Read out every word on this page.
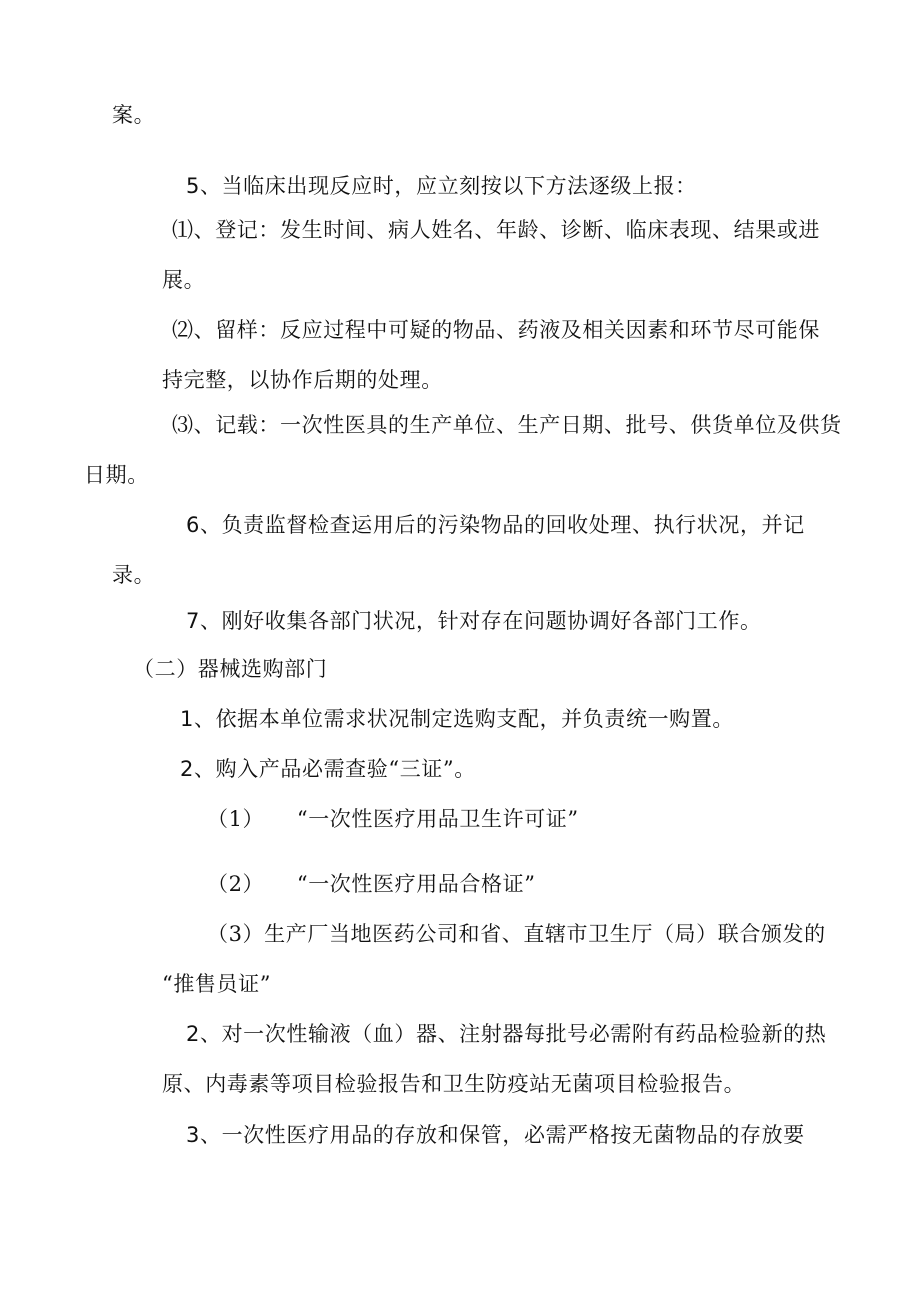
案。
5、当临床出现反应时，应立刻按以下方法逐级上报：
⑴、登记：发生时间、病人姓名、年龄、诊断、临床表现、结果或进
展。
⑵、留样：反应过程中可疑的物品、药液及相关因素和环节尽可能保
持完整，以协作后期的处理。
⑶、记载：一次性医具的生产单位、生产日期、批号、供货单位及供货
日期。
6、负责监督检查运用后的污染物品的回收处理、执行状况，并记
录。
7、刚好收集各部门状况，针对存在问题协调好各部门工作。
（二）器械选购部门
1、依据本单位需求状况制定选购支配，并负责统一购置。
2、购入产品必需查验“三证”。
（1）　　“一次性医疗用品卫生许可证”
（2）　　“一次性医疗用品合格证”
（3）生产厂当地医药公司和省、直辖市卫生厅（局）联合颁发的
“推售员证”
2、对一次性输液（血）器、注射器每批号必需附有药品检验新的热
原、内毒素等项目检验报告和卫生防疫站无菌项目检验报告。
3、一次性医疗用品的存放和保管，必需严格按无菌物品的存放要
